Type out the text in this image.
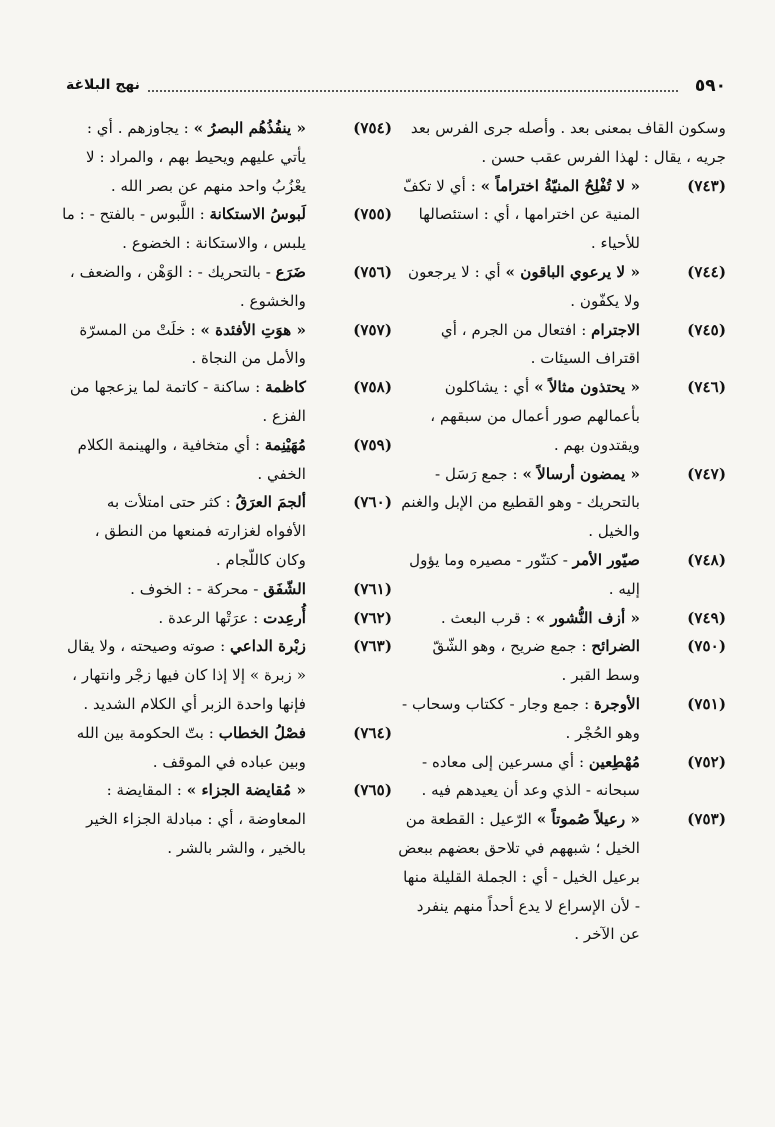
٥٩٠
نهج البلاغة

وسكون القاف بمعنى بعد . وأصله جرى الفرس بعد جريه ، يقال : لهذا الفرس عقب حسن .

(٧٤٣)
« لا تُفْلِحُ المنيّةُ اختراماً » : أي لا تكفّ المنية عن اخترامها ، أي : استئصالها للأحياء .

(٧٤٤)
« لا يرعوي الباقون » أي : لا يرجعون ولا يكفّون .

(٧٤٥)
الاجترام : افتعال من الجرم ، أي اقتراف السيئات .

(٧٤٦)
« يحتذون مثالاً » أي : يشاكلون بأعمالهم صور أعمال من سبقهم ، ويقتدون بهم .

(٧٤٧)
« يمضون أرسالاً » : جمع رَسَل - بالتحريك - وهو القطيع من الإبل والغنم والخيل .

(٧٤٨)
صيّور الأمر - كتنّور - مصيره وما يؤول إليه .

(٧٤٩)
« أزف النُّشور » : قرب البعث .

(٧٥٠)
الضرائح : جمع ضريح ، وهو الشّقّ وسط القبر .

(٧٥١)
الأوجرة : جمع وجار - ككتاب وسحاب - وهو الحُجْر .

(٧٥٢)
مُهْطِعين : أي مسرعين إلى معاده - سبحانه - الذي وعد أن يعيدهم فيه .

(٧٥٣)
« رعيلاً صُموتاً » الرّعيل : القطعة من الخيل ؛ شبههم في تلاحق بعضهم ببعض برعيل الخيل - أي : الجملة القليلة منها - لأن الإسراع لا يدع أحداً منهم ينفرد عن الآخر .

(٧٥٤)
« ينفُذُهُم البصرُ » : يجاوزهم . أي : يأتي عليهم ويحيط بهم ، والمراد : لا يعْزُبُ واحد منهم عن بصر الله .

(٧٥٥)
لَبوسُ الاستكانة : اللَّبوس - بالفتح - : ما يلبس ، والاستكانة : الخضوع .

(٧٥٦)
ضَرَع - بالتحريك - : الوَهْن ، والضعف ، والخشوع .

(٧٥٧)
« هوَتِ الأفئدة » : خلَتْ من المسرّة والأمل من النجاة .

(٧٥٨)
كاظمة : ساكنة - كاتمة لما يزعجها من الفزع .

(٧٥٩)
مُهَيْنِمة : أي متخافية ، والهينمة الكلام الخفي .

(٧٦٠)
ألجمَ العرَقُ : كثر حتى امتلأت به الأفواه لغزارته فمنعها من النطق ، وكان كاللّجام .

(٧٦١)
الشّفَق - محركة - : الخوف .

(٧٦٢)
أُرعِدت : عرَتْها الرعدة .

(٧٦٣)
زبْرة الداعي : صوته وصيحته ، ولا يقال « زبرة » إلا إذا كان فيها زجْر وانتهار ، فإنها واحدة الزبر أي الكلام الشديد .

(٧٦٤)
فصْلُ الخطاب : بتّ الحكومة بين الله وبين عباده في الموقف .

(٧٦٥)
« مُقايضة الجزاء » : المقايضة : المعاوضة ، أي : مبادلة الجزاء الخير بالخير ، والشر بالشر .
